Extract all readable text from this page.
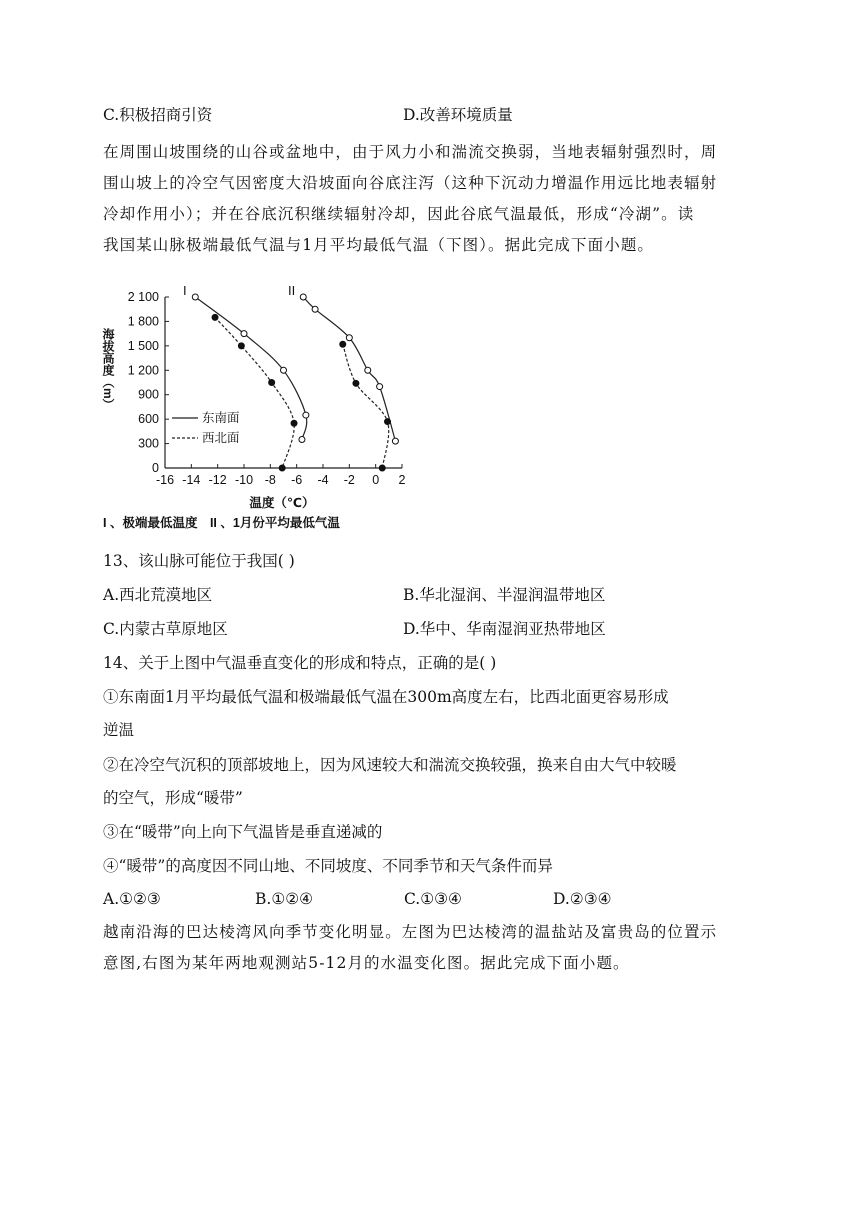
C.积极招商引资	D.改善环境质量
在周围山坡围绕的山谷或盆地中，由于风力小和湍流交换弱，当地表辐射强烈时，周
围山坡上的冷空气因密度大沿坡面向谷底注泻（这种下沉动力增温作用远比地表辐射
冷却作用小）；并在谷底沉积继续辐射冷却，因此谷底气温最低，形成“冷湖”。读
我国某山脉极端最低气温与1月平均最低气温（下图）。据此完成下面小题。
-16 -14 -12 -10 -8 -6 -4 -2 0 2
0
300
600
900
1 200
1 500
1 800
2 100
海拔高度（m）
温度（℃）
I 、极端最低温度　II 、1月份平均最低气温
I	II
东南面
西北面
13、该山脉可能位于我国( )
A.西北荒漠地区	B.华北湿润、半湿润温带地区
C.内蒙古草原地区	D.华中、华南湿润亚热带地区
14、关于上图中气温垂直变化的形成和特点，正确的是( )
①东南面1月平均最低气温和极端最低气温在300m高度左右，比西北面更容易形成
逆温
②在冷空气沉积的顶部坡地上，因为风速较大和湍流交换较强，换来自由大气中较暖
的空气，形成“暖带”
③在“暖带”向上向下气温皆是垂直递减的
④“暖带”的高度因不同山地、不同坡度、不同季节和天气条件而异
A.①②③	B.①②④	C.①③④	D.②③④
越南沿海的巴达棱湾风向季节变化明显。左图为巴达棱湾的温盐站及富贵岛的位置示
意图,右图为某年两地观测站5-12月的水温变化图。据此完成下面小题。
